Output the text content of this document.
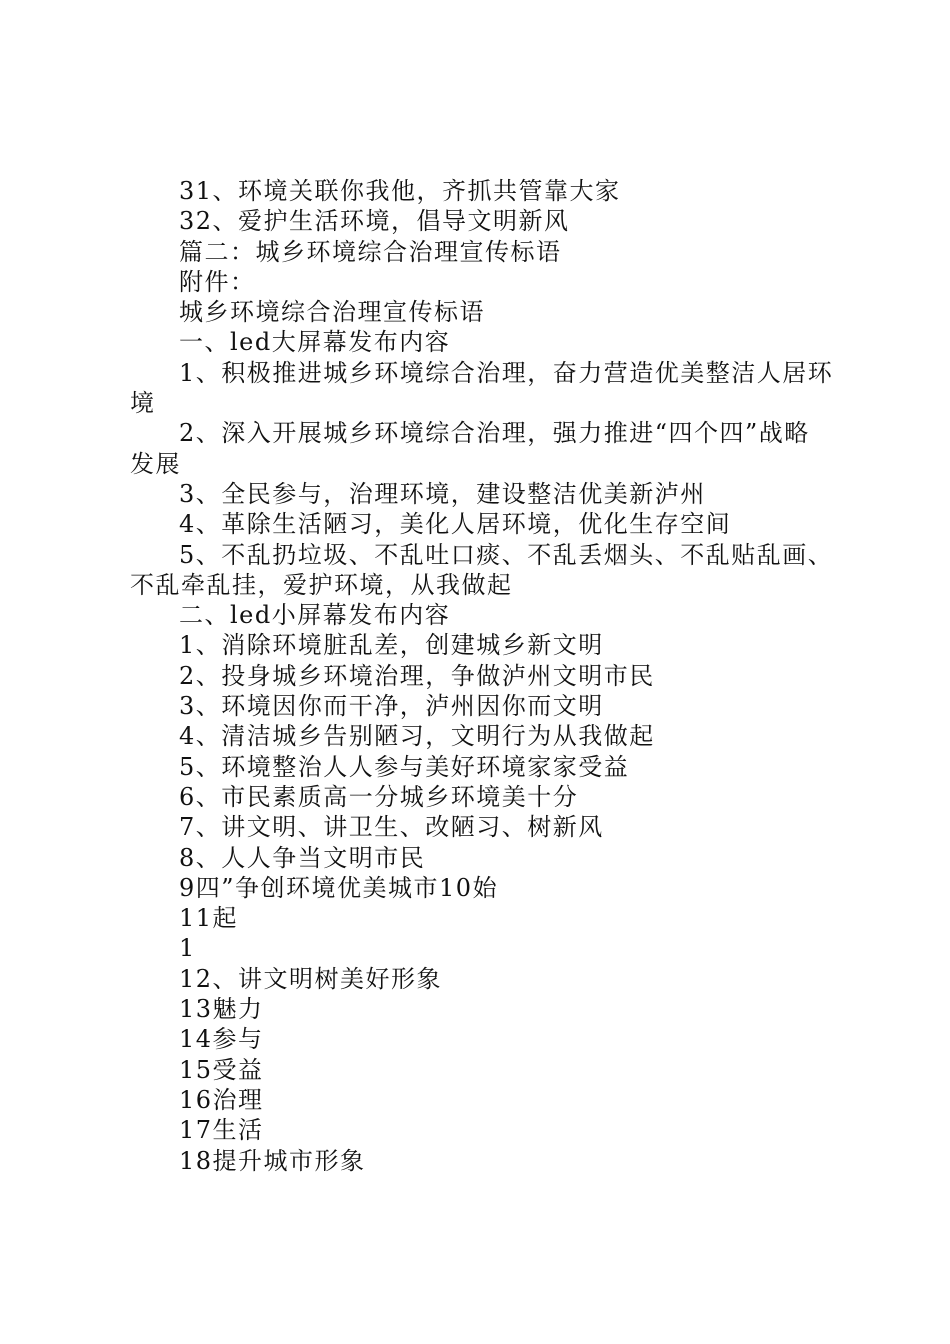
31、环境关联你我他，齐抓共管靠大家

32、爱护生活环境，倡导文明新风

篇二：城乡环境综合治理宣传标语

附件：

城乡环境综合治理宣传标语

一、led大屏幕发布内容

1、积极推进城乡环境综合治理，奋力营造优美整洁人居环境

2、深入开展城乡环境综合治理，强力推进“四个四”战略发展

3、全民参与，治理环境，建设整洁优美新泸州

4、革除生活陋习，美化人居环境，优化生存空间

5、不乱扔垃圾、不乱吐口痰、不乱丢烟头、不乱贴乱画、不乱牵乱挂，爱护环境，从我做起

二、led小屏幕发布内容

1、消除环境脏乱差，创建城乡新文明

2、投身城乡环境治理，争做泸州文明市民

3、环境因你而干净，泸州因你而文明

4、清洁城乡告别陋习，文明行为从我做起

5、环境整治人人参与美好环境家家受益

6、市民素质高一分城乡环境美十分

7、讲文明、讲卫生、改陋习、树新风

8、人人争当文明市民

9四”争创环境优美城市10始

11起

1

12、讲文明树美好形象

13魅力

14参与

15受益

16治理

17生活

18提升城市形象
